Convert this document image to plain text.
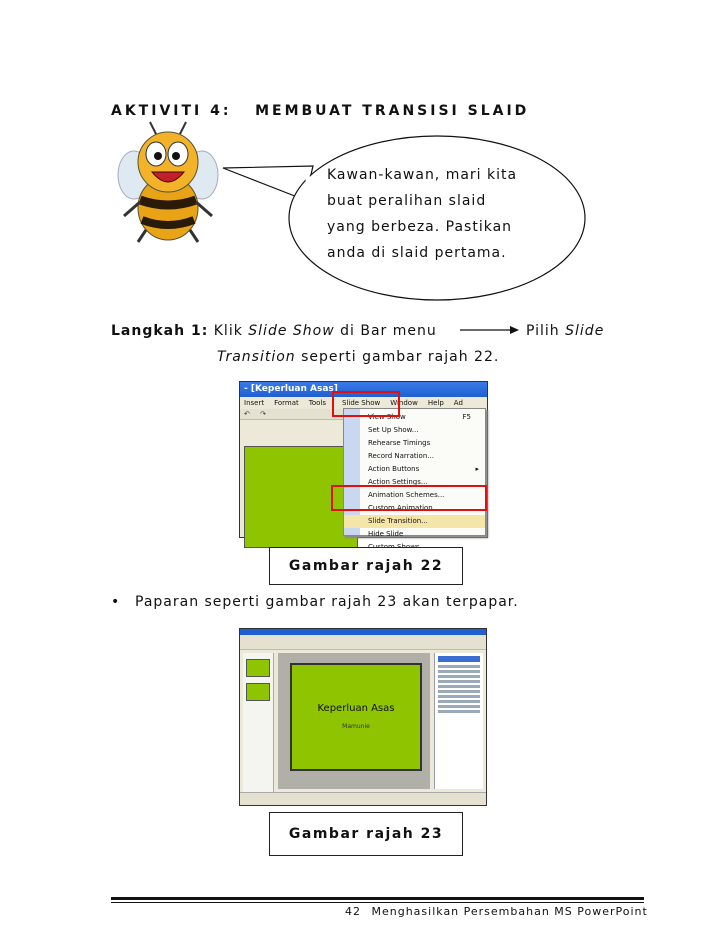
AKTIVITI 4:   MEMBUAT TRANSISI SLAID
Kawan-kawan, mari kita
buat peralihan slaid
yang berbeza. Pastikan
anda di slaid pertama.
Langkah 1: Klik Slide Show di Bar menu	Pilih Slide
Transition seperti gambar rajah 22.
- [Keperluan Asas]
Insert Format Tools Slide Show Window Help Ad
↶ ↷	View Show	F5
Set Up Show...
Rehearse Timings
Record Narration...
Action Buttons	▸
Action Settings...
Animation Schemes...
Custom Animation...
Slide Transition...
Hide Slide
Gambar rajah 22
• Paparan seperti gambar rajah 23 akan terpapar.
Keperluan Asas
Mamunie
Gambar rajah 23
42 Menghasilkan Persembahan MS PowerPoint
